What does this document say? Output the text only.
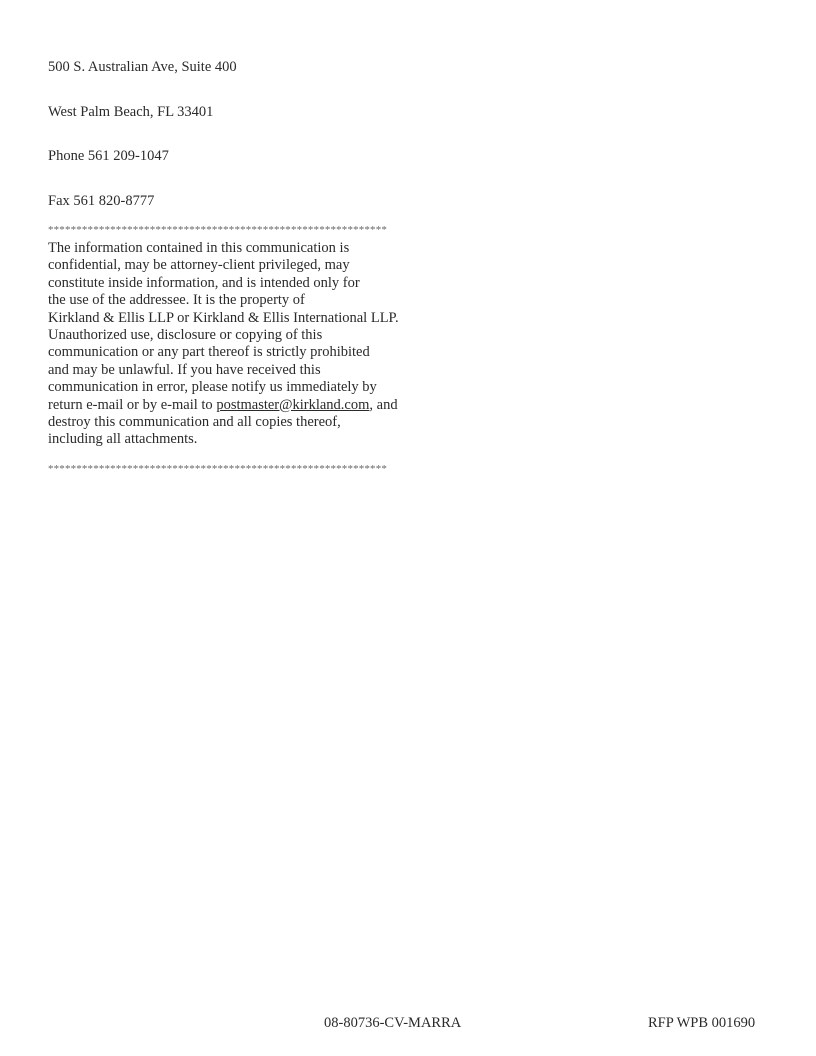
500 S. Australian Ave, Suite 400
West Palm Beach, FL 33401
Phone 561 209-1047
Fax 561 820-8777
************************************************************
The information contained in this communication is
confidential, may be attorney-client privileged, may
constitute inside information, and is intended only for
the use of the addressee. It is the property of
Kirkland & Ellis LLP or Kirkland & Ellis International LLP.
Unauthorized use, disclosure or copying of this
communication or any part thereof is strictly prohibited
and may be unlawful. If you have received this
communication in error, please notify us immediately by
return e-mail or by e-mail to postmaster@kirkland.com, and
destroy this communication and all copies thereof,
including all attachments.
************************************************************
08-80736-CV-MARRA	RFP WPB 001690
